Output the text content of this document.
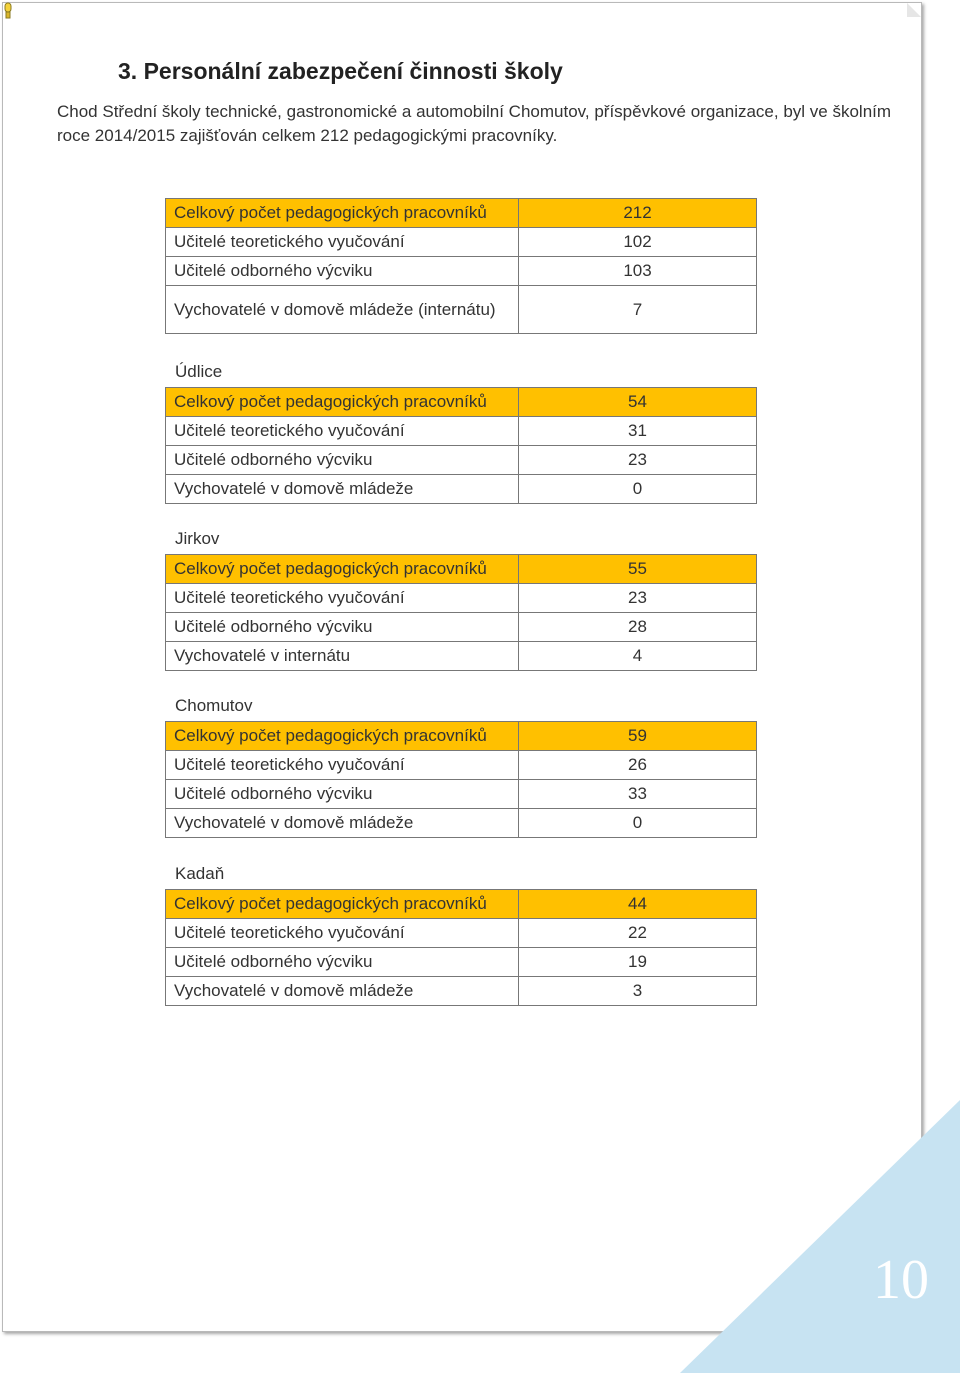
10
3. Personální zabezpečení činnosti školy
Chod Střední školy technické, gastronomické a automobilní Chomutov, příspěvkové organizace, byl ve školním roce 2014/2015 zajišťován celkem 212 pedagogickými pracovníky.
Celkový počet pedagogických pracovníků	212
Učitelé teoretického vyučování	102
Učitelé odborného výcviku	103
Vychovatelé v domově mládeže (internátu)	7
Údlice
Celkový počet pedagogických pracovníků	54
Učitelé teoretického vyučování	31
Učitelé odborného výcviku	23
Vychovatelé v domově mládeže	0
Jirkov
Celkový počet pedagogických pracovníků	55
Učitelé teoretického vyučování	23
Učitelé odborného výcviku	28
Vychovatelé v internátu	4
Chomutov
Celkový počet pedagogických pracovníků	59
Učitelé teoretického vyučování	26
Učitelé odborného výcviku	33
Vychovatelé v domově mládeže	0
Kadaň
Celkový počet pedagogických pracovníků	44
Učitelé teoretického vyučování	22
Učitelé odborného výcviku	19
Vychovatelé v domově mládeže	3
